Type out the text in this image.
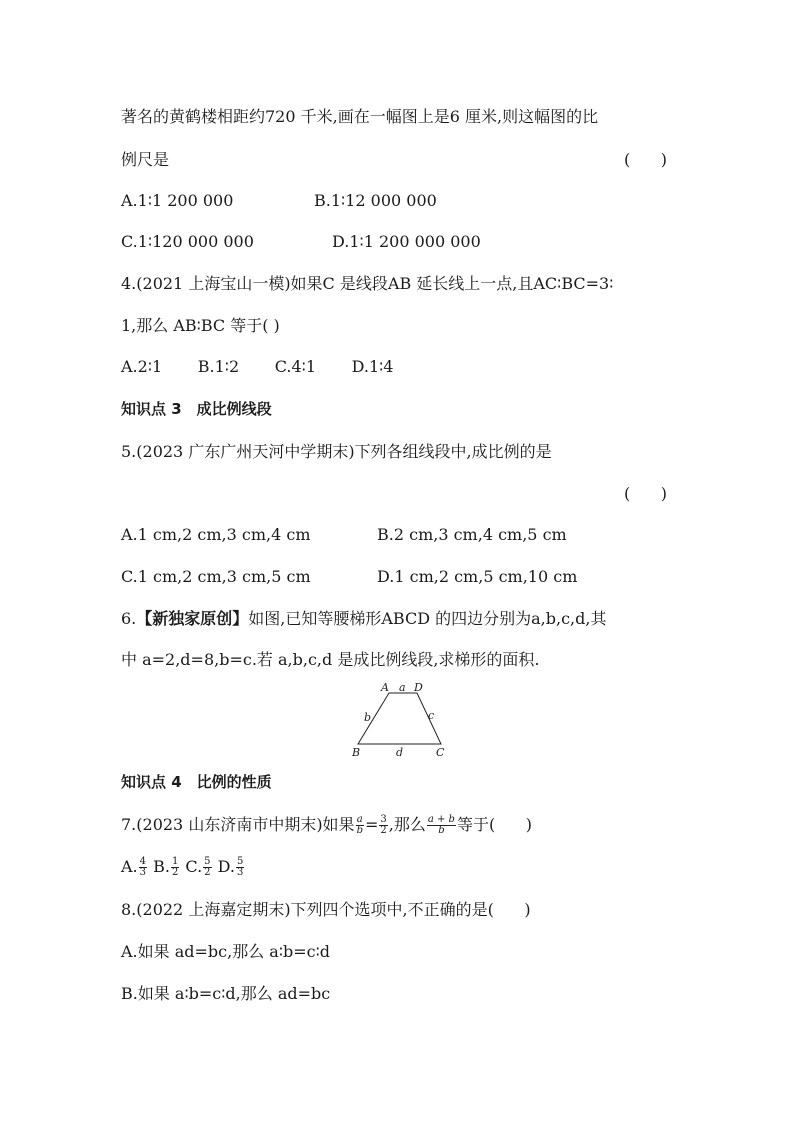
著名的黄鹤楼相距约720 千米,画在一幅图上是6 厘米,则这幅图的比
例尺是	(      )
A.1∶1 200 000	B.1∶12 000 000
C.1∶120 000 000	D.1∶1 200 000 000
4.(2021 上海宝山一模)如果C 是线段AB 延长线上一点,且AC∶BC=3∶
1,那么 AB∶BC 等于( )
A.2∶1       B.1∶2       C.4∶1       D.1∶4
知识点 3　成比例线段
5.(2023 广东广州天河中学期末)下列各组线段中,成比例的是
(      )
A.1 cm,2 cm,3 cm,4 cm	B.2 cm,3 cm,4 cm,5 cm
C.1 cm,2 cm,3 cm,5 cm	D.1 cm,2 cm,5 cm,10 cm
6.【新独家原创】如图,已知等腰梯形ABCD 的四边分别为a,b,c,d,其
中 a=2,d=8,b=c.若 a,b,c,d 是成比例线段,求梯形的面积.
A a D
b	c
B	d	C
知识点 4　比例的性质
7.(2023 山东济南市中期末)如果 $\frac{a}{b} = \frac{3}{2}$ ,那么 $\frac{a + b}{b}$ 等于(      )
A. $\frac{4}{3} B$. $\frac{1}{2} C$. $\frac{5}{2} D$. $\frac{5}{3}$
8.(2022 上海嘉定期末)下列四个选项中,不正确的是(      )
A.如果 ad=bc,那么 a∶b=c∶d
B.如果 a∶b=c∶d,那么 ad=bc
